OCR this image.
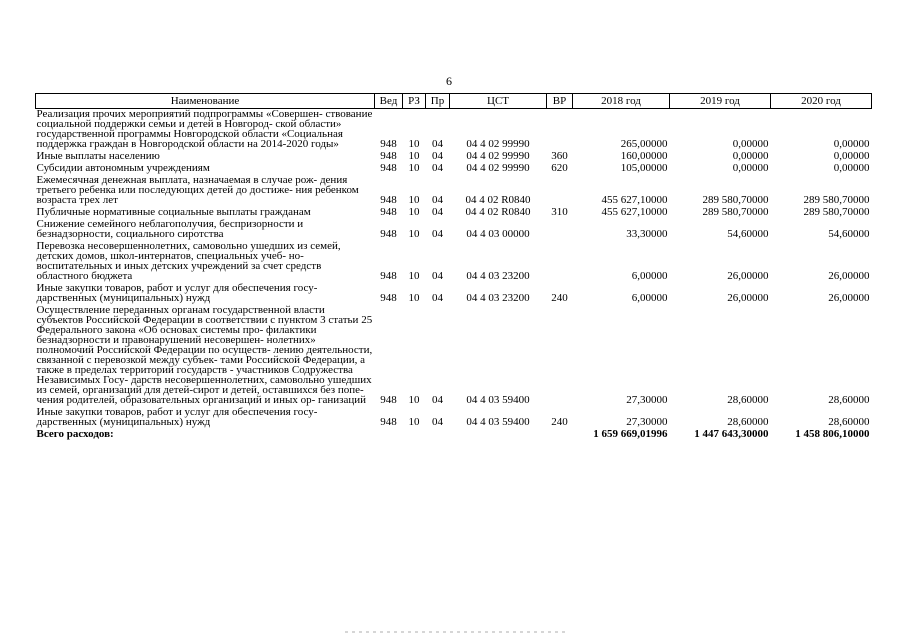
6
Наименование	Вед	РЗ	Пр	ЦСТ	ВР	2018 год	2019 год	2020 год
Реализация прочих мероприятий подпрограммы «Совершен- ствование социальной поддержки семьи и детей в Новгород- ской области» государственной программы Новгородской области «Социальная поддержка граждан в Новгородской области на 2014-2020 годы»	948	10	04	04 4 02 99990		265,00000	0,00000	0,00000
Иные выплаты населению	948	10	04	04 4 02 99990	360	160,00000	0,00000	0,00000
Субсидии автономным учреждениям	948	10	04	04 4 02 99990	620	105,00000	0,00000	0,00000
Ежемесячная денежная выплата, назначаемая в случае рож- дения третьего ребенка или последующих детей до достиже- ния ребенком возраста трех лет	948	10	04	04 4 02 R0840		455 627,10000	289 580,70000	289 580,70000
Публичные нормативные социальные выплаты гражданам	948	10	04	04 4 02 R0840	310	455 627,10000	289 580,70000	289 580,70000
Снижение семейного неблагополучия, беспризорности и безнадзорности, социального сиротства	948	10	04	04 4 03 00000		33,30000	54,60000	54,60000
Перевозка несовершеннолетних, самовольно ушедших из семей, детских домов, школ-интернатов, специальных учеб- но-воспитательных и иных детских учреждений за счет средств областного бюджета	948	10	04	04 4 03 23200		6,00000	26,00000	26,00000
Иные закупки товаров, работ и услуг для обеспечения госу- дарственных (муниципальных) нужд	948	10	04	04 4 03 23200	240	6,00000	26,00000	26,00000
Осуществление переданных органам государственной власти субъектов Российской Федерации в соответствии с пунктом 3 статьи 25 Федерального закона «Об основах системы про- филактики безнадзорности и правонарушений несовершен- нолетних» полномочий Российской Федерации по осуществ- лению деятельности, связанной с перевозкой между субъек- тами Российской Федерации, а также в пределах территорий государств - участников Содружества Независимых Госу- дарств несовершеннолетних, самовольно ушедших из семей, организаций для детей-сирот и детей, оставшихся без попе- чения родителей, образовательных организаций и иных ор- ганизаций	948	10	04	04 4 03 59400		27,30000	28,60000	28,60000
Иные закупки товаров, работ и услуг для обеспечения госу- дарственных (муниципальных) нужд	948	10	04	04 4 03 59400	240	27,30000	28,60000	28,60000
Всего расходов:						1 659 669,01996	1 447 643,30000	1 458 806,10000
